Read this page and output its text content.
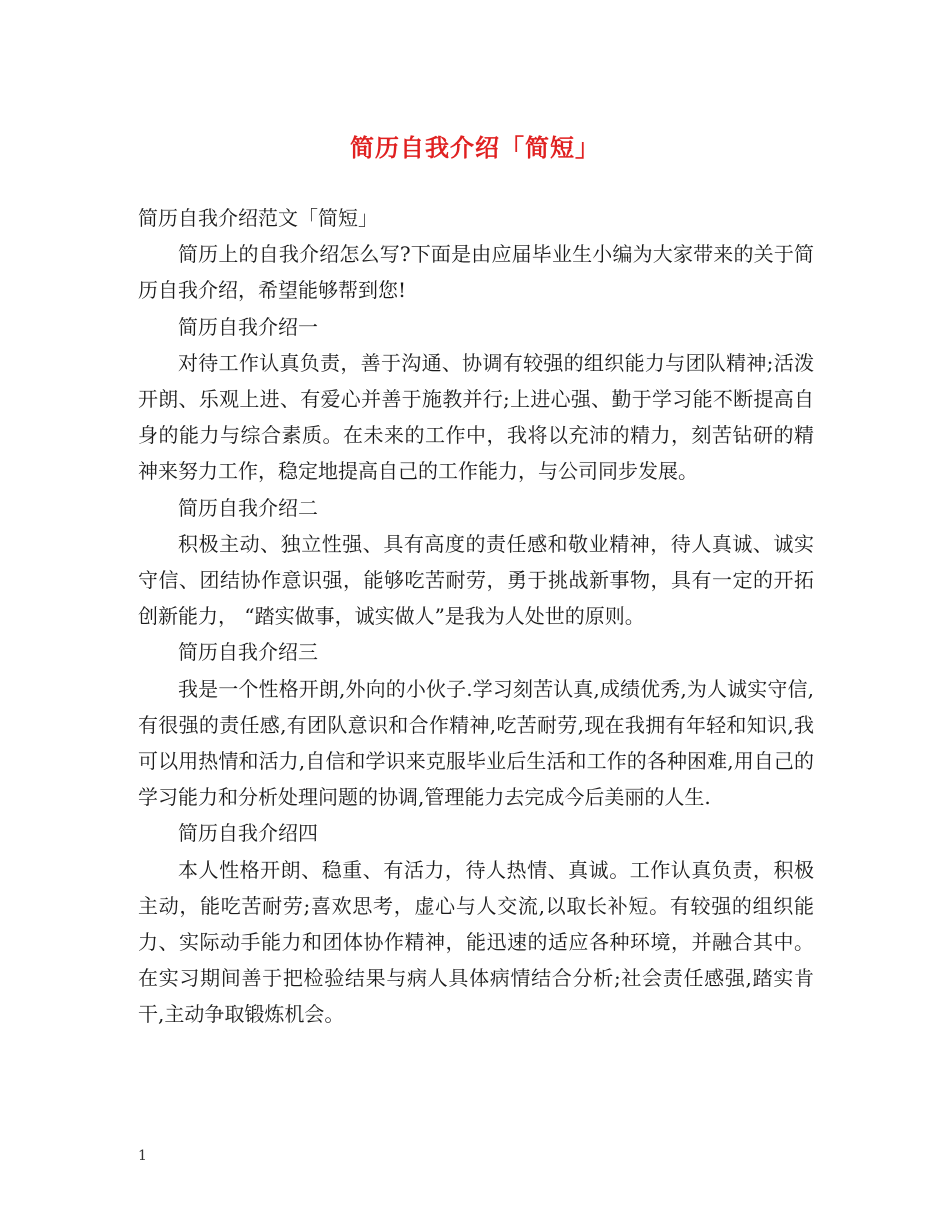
简历自我介绍「简短」

简历自我介绍范文「简短」

简历上的自我介绍怎么写?下面是由应届毕业生小编为大家带来的关于简历自我介绍，希望能够帮到您!

简历自我介绍一

对待工作认真负责，善于沟通、协调有较强的组织能力与团队精神;活泼开朗、乐观上进、有爱心并善于施教并行;上进心强、勤于学习能不断提高自身的能力与综合素质。在未来的工作中，我将以充沛的精力，刻苦钻研的精神来努力工作，稳定地提高自己的工作能力，与公司同步发展。

简历自我介绍二

积极主动、独立性强、具有高度的责任感和敬业精神，待人真诚、诚实守信、团结协作意识强，能够吃苦耐劳，勇于挑战新事物，具有一定的开拓创新能力， “踏实做事，诚实做人”是我为人处世的原则。

简历自我介绍三

我是一个性格开朗,外向的小伙子.学习刻苦认真,成绩优秀,为人诚实守信,有很强的责任感,有团队意识和合作精神,吃苦耐劳,现在我拥有年轻和知识,我可以用热情和活力,自信和学识来克服毕业后生活和工作的各种困难,用自己的学习能力和分析处理问题的协调,管理能力去完成今后美丽的人生.

简历自我介绍四

本人性格开朗、稳重、有活力，待人热情、真诚。工作认真负责，积极主动，能吃苦耐劳;喜欢思考，虚心与人交流,以取长补短。有较强的组织能力、实际动手能力和团体协作精神，能迅速的适应各种环境，并融合其中。在实习期间善于把检验结果与病人具体病情结合分析;社会责任感强,踏实肯干,主动争取锻炼机会。

1
